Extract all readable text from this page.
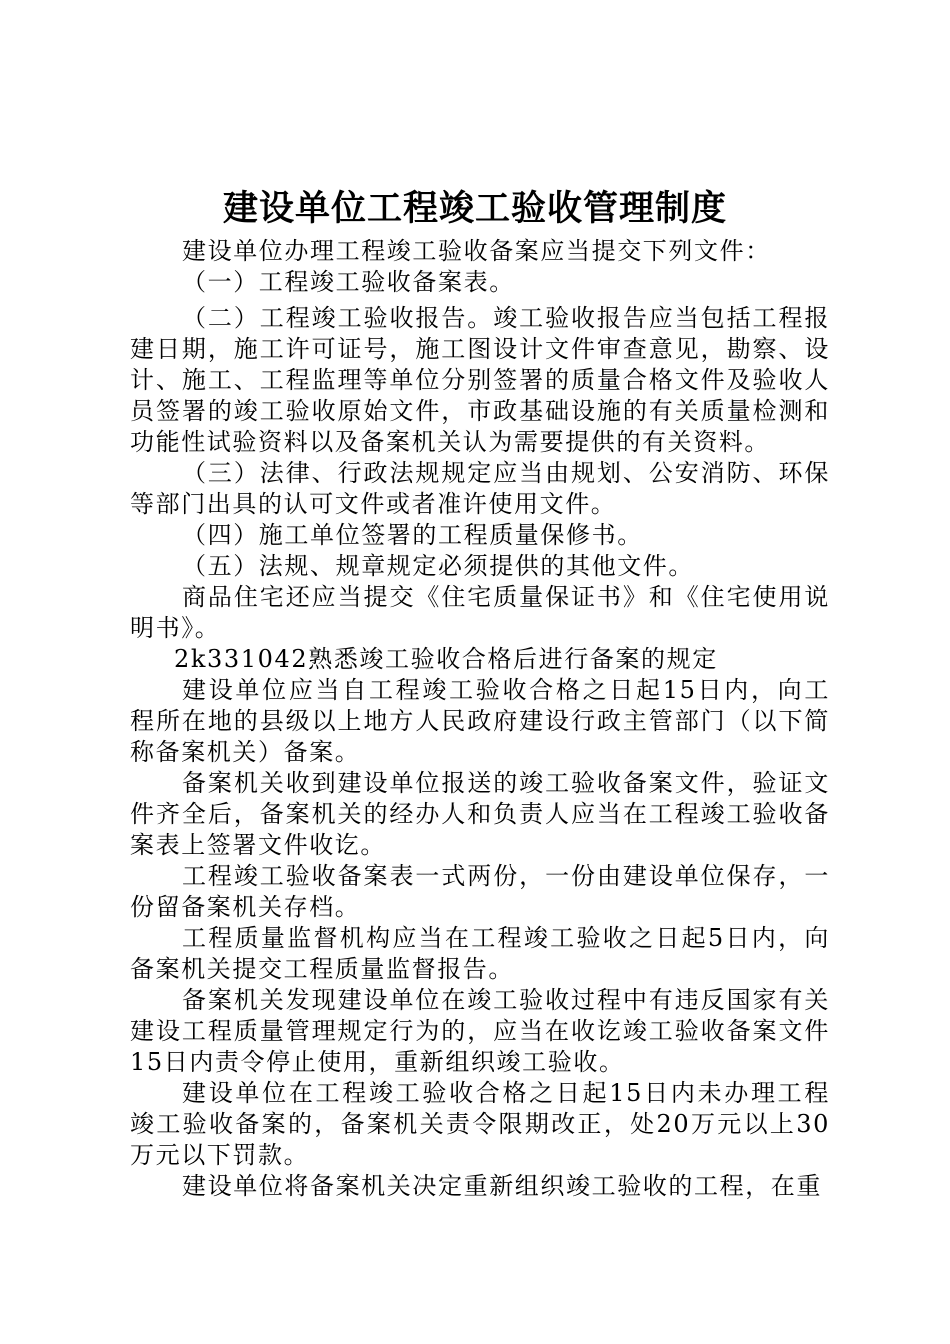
建设单位工程竣工验收管理制度

建设单位办理工程竣工验收备案应当提交下列文件：

（一）工程竣工验收备案表。

（二）工程竣工验收报告。竣工验收报告应当包括工程报建日期，施工许可证号，施工图设计文件审查意见，勘察、设计、施工、工程监理等单位分别签署的质量合格文件及验收人员签署的竣工验收原始文件，市政基础设施的有关质量检测和功能性试验资料以及备案机关认为需要提供的有关资料。

（三）法律、行政法规规定应当由规划、公安消防、环保等部门出具的认可文件或者准许使用文件。

（四）施工单位签署的工程质量保修书。

（五）法规、规章规定必须提供的其他文件。

商品住宅还应当提交《住宅质量保证书》和《住宅使用说明书》。

2k331042熟悉竣工验收合格后进行备案的规定

建设单位应当自工程竣工验收合格之日起15日内，向工程所在地的县级以上地方人民政府建设行政主管部门（以下简称备案机关）备案。

备案机关收到建设单位报送的竣工验收备案文件，验证文件齐全后，备案机关的经办人和负责人应当在工程竣工验收备案表上签署文件收讫。

工程竣工验收备案表一式两份，一份由建设单位保存，一份留备案机关存档。

工程质量监督机构应当在工程竣工验收之日起5日内，向备案机关提交工程质量监督报告。

备案机关发现建设单位在竣工验收过程中有违反国家有关建设工程质量管理规定行为的，应当在收讫竣工验收备案文件15日内责令停止使用，重新组织竣工验收。

建设单位在工程竣工验收合格之日起15日内未办理工程竣工验收备案的，备案机关责令限期改正，处20万元以上30万元以下罚款。

建设单位将备案机关决定重新组织竣工验收的工程，在重
